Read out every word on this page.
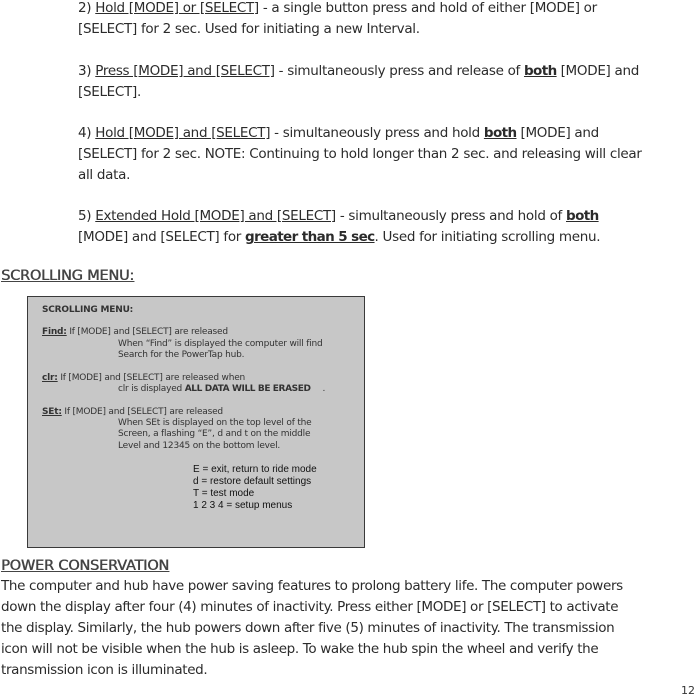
2) Hold [MODE] or [SELECT] - a single button press and hold of either [MODE] or
[SELECT] for 2 sec. Used for initiating a new Interval.
3) Press [MODE] and [SELECT] - simultaneously press and release of both [MODE] and
[SELECT].
4) Hold [MODE] and [SELECT] - simultaneously press and hold both [MODE] and
[SELECT] for 2 sec. NOTE: Continuing to hold longer than 2 sec. and releasing will clear
all data.
5) Extended Hold [MODE] and [SELECT] - simultaneously press and hold of both
[MODE] and [SELECT] for greater than 5 sec. Used for initiating scrolling menu.
SCROLLING MENU:
SCROLLING MENU:
Find: If [MODE] and [SELECT] are released
When “Find” is displayed the computer will find
Search for the PowerTap hub.
clr: If [MODE] and [SELECT] are released when
clr is displayed ALL DATA WILL BE ERASED .
SEt: If [MODE] and [SELECT] are released
When SEt is displayed on the top level of the
Screen, a flashing “E”, d and t on the middle
Level and 12345 on the bottom level.
E = exit, return to ride mode
d = restore default settings
T = test mode
1 2 3 4 = setup menus
POWER CONSERVATION
The computer and hub have power saving features to prolong battery life. The computer powers
down the display after four (4) minutes of inactivity. Press either [MODE] or [SELECT] to activate
the display. Similarly, the hub powers down after five (5) minutes of inactivity. The transmission
icon will not be visible when the hub is asleep. To wake the hub spin the wheel and verify the
transmission icon is illuminated.
12
